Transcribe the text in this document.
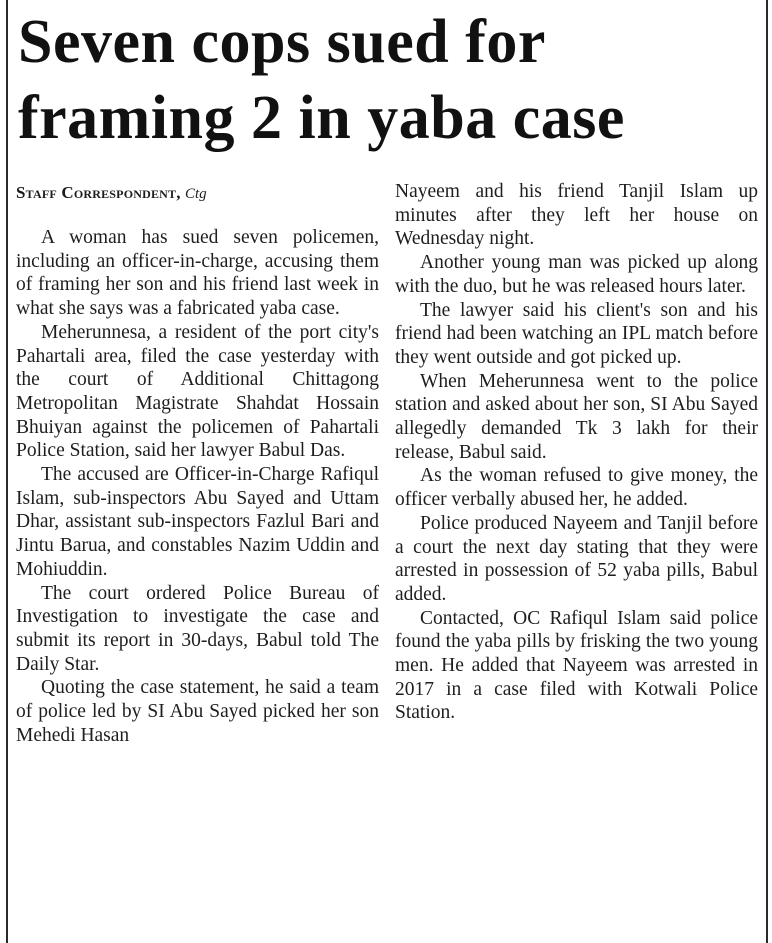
Seven cops sued for
framing 2 in yaba case
Staff Correspondent, Ctg

A woman has sued seven policemen, including an officer-in-charge, accusing them of framing her son and his friend last week in what she says was a fabricated yaba case.

Meherunnesa, a resident of the port city's Pahartali area, filed the case yesterday with the court of Additional Chittagong Metropolitan Magistrate Shahdat Hossain Bhuiyan against the policemen of Pahartali Police Station, said her lawyer Babul Das.

The accused are Officer-in-Charge Rafiqul Islam, sub-inspectors Abu Sayed and Uttam Dhar, assistant sub-inspectors Fazlul Bari and Jintu Barua, and constables Nazim Uddin and Mohiuddin.

The court ordered Police Bureau of Investigation to investigate the case and submit its report in 30-days, Babul told The Daily Star.

Quoting the case statement, he said a team of police led by SI Abu Sayed picked her son Mehedi Hasan

Nayeem and his friend Tanjil Islam up minutes after they left her house on Wednesday night.

Another young man was picked up along with the duo, but he was released hours later.

The lawyer said his client's son and his friend had been watching an IPL match before they went outside and got picked up.

When Meherunnesa went to the police station and asked about her son, SI Abu Sayed allegedly demanded Tk 3 lakh for their release, Babul said.

As the woman refused to give money, the officer verbally abused her, he added.

Police produced Nayeem and Tanjil before a court the next day stating that they were arrested in possession of 52 yaba pills, Babul added.

Contacted, OC Rafiqul Islam said police found the yaba pills by frisking the two young men. He added that Nayeem was arrested in 2017 in a case filed with Kotwali Police Station.
